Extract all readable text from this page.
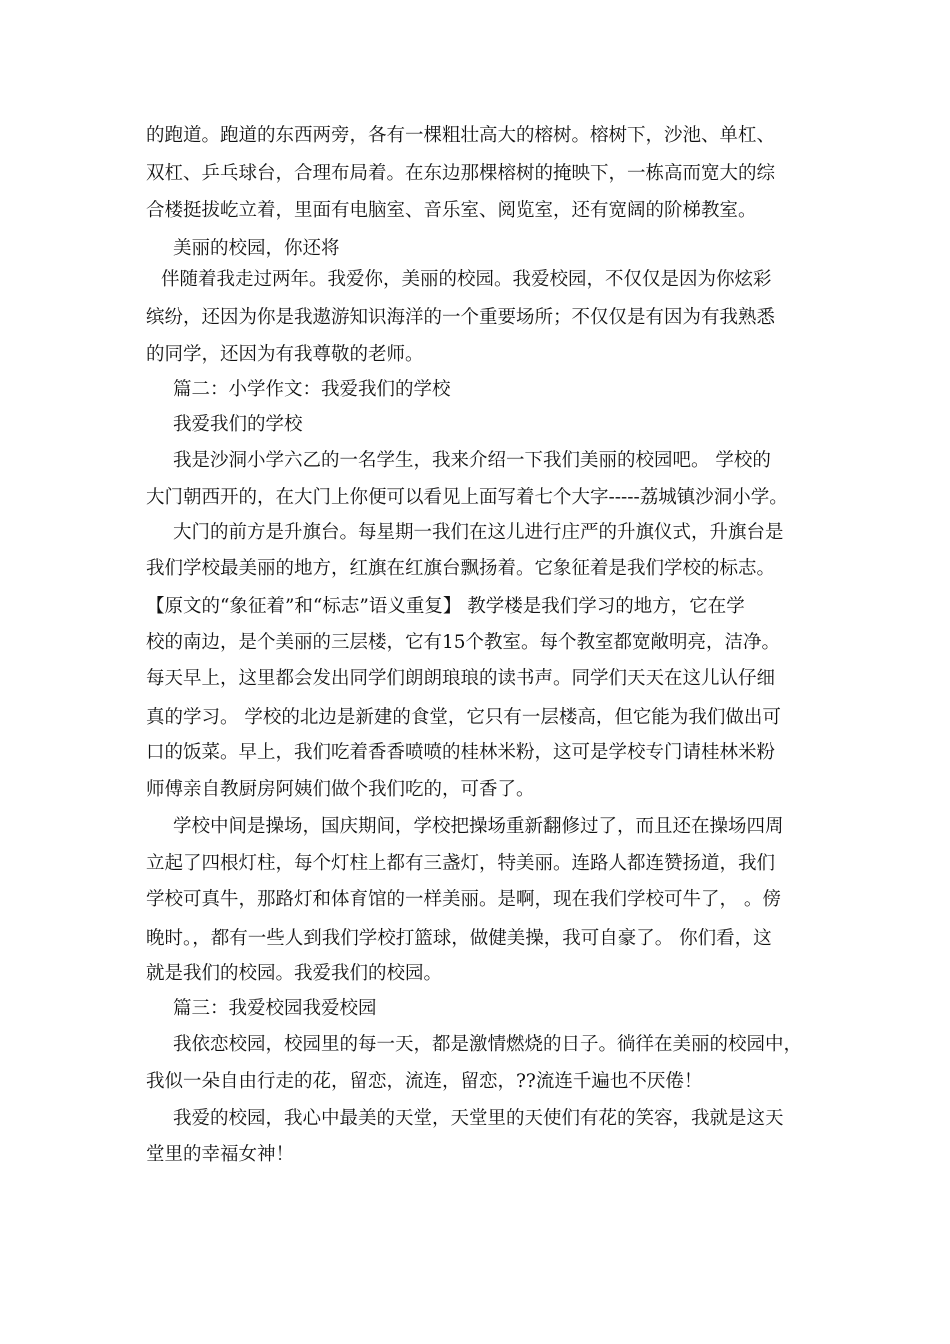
的跑道。跑道的东西两旁，各有一棵粗壮高大的榕树。榕树下，沙池、单杠、
双杠、乒乓球台，合理布局着。在东边那棵榕树的掩映下，一栋高而宽大的综
合楼挺拔屹立着，里面有电脑室、音乐室、阅览室，还有宽阔的阶梯教室。
美丽的校园，你还将
伴随着我走过两年。我爱你，美丽的校园。我爱校园，不仅仅是因为你炫彩
缤纷，还因为你是我遨游知识海洋的一个重要场所；不仅仅是有因为有我熟悉
的同学，还因为有我尊敬的老师。
篇二：小学作文：我爱我们的学校
我爱我们的学校
我是沙洞小学六乙的一名学生，我来介绍一下我们美丽的校园吧。 学校的
大门朝西开的，在大门上你便可以看见上面写着七个大字-----荔城镇沙洞小学。
大门的前方是升旗台。每星期一我们在这儿进行庄严的升旗仪式，升旗台是
我们学校最美丽的地方，红旗在红旗台飘扬着。它象征着是我们学校的标志。
【原文的“象征着”和“标志”语义重复】 教学楼是我们学习的地方，它在学
校的南边，是个美丽的三层楼，它有15个教室。每个教室都宽敞明亮，洁净。
每天早上，这里都会发出同学们朗朗琅琅的读书声。同学们天天在这儿认仔细
真的学习。 学校的北边是新建的食堂，它只有一层楼高，但它能为我们做出可
口的饭菜。早上，我们吃着香香喷喷的桂林米粉，这可是学校专门请桂林米粉
师傅亲自教厨房阿姨们做个我们吃的，可香了。
学校中间是操场，国庆期间，学校把操场重新翻修过了，而且还在操场四周
立起了四根灯柱，每个灯柱上都有三盏灯，特美丽。连路人都连赞扬道，我们
学校可真牛，那路灯和体育馆的一样美丽。是啊，现在我们学校可牛了， 。傍
晚时。，都有一些人到我们学校打篮球，做健美操，我可自豪了。 你们看，这
就是我们的校园。我爱我们的校园。
篇三：我爱校园我爱校园
我依恋校园，校园里的每一天，都是激情燃烧的日子。徜徉在美丽的校园中，
我似一朵自由行走的花，留恋，流连，留恋，??流连千遍也不厌倦！
我爱的校园，我心中最美的天堂，天堂里的天使们有花的笑容，我就是这天
堂里的幸福女神！
